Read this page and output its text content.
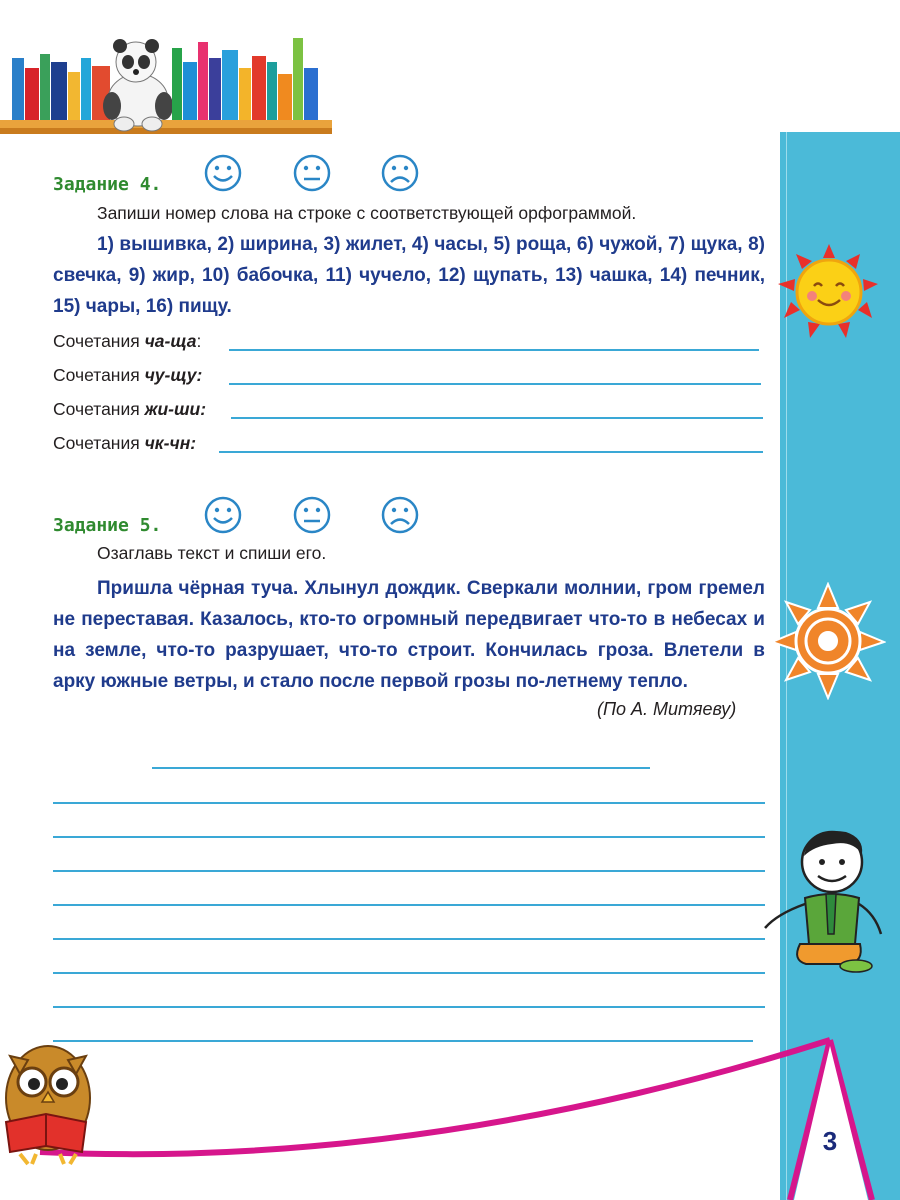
Задание 4.
Запиши номер слова на строке с соответствующей орфограммой.
1) вышивка, 2) ширина, 3) жилет, 4) часы, 5) роща, 6) чужой, 7) щука, 8) свечка, 9) жир, 10) бабочка, 11) чучело, 12) щупать, 13) чашка, 14) печник, 15) чары, 16) пищу.
Сочетания ча-ща:
Сочетания чу-щу:
Сочетания жи-ши:
Сочетания чк-чн:
Задание 5.
Озаглавь текст и спиши его.
Пришла чёрная туча. Хлынул дождик. Сверкали молнии, гром гремел не переставая. Казалось, кто-то огромный передвигает что-то в небесах и на земле, что-то разрушает, что-то строит. Кончилась гроза. Влетели в арку южные ветры, и стало после первой грозы по-летнему тепло.
(По А. Митяеву)
3
